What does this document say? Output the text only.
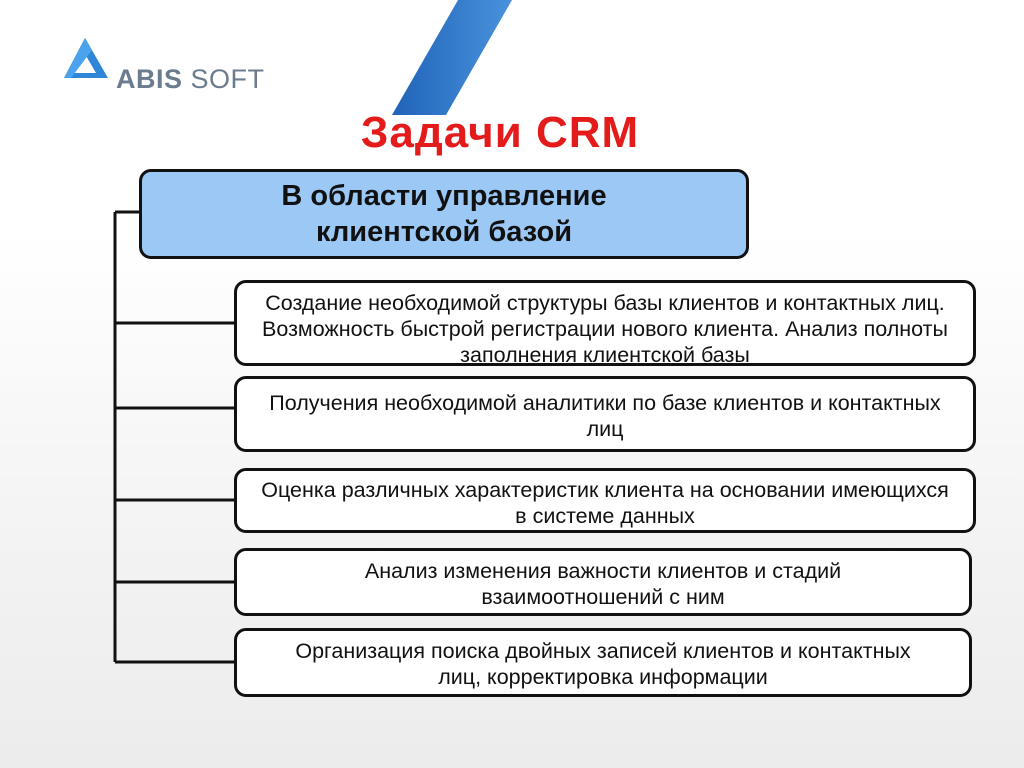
ABIS SOFT
Задачи CRM
В области управление клиентской базой
Создание необходимой структуры базы клиентов и контактных лиц. Возможность быстрой регистрации нового клиента. Анализ полноты заполнения клиентской базы
Получения необходимой аналитики по базе клиентов и контактных лиц
Оценка различных характеристик клиента на основании имеющихся в системе данных
Анализ изменения важности клиентов и стадий взаимоотношений с ним
Организация поиска двойных записей клиентов и контактных лиц, корректировка информации
